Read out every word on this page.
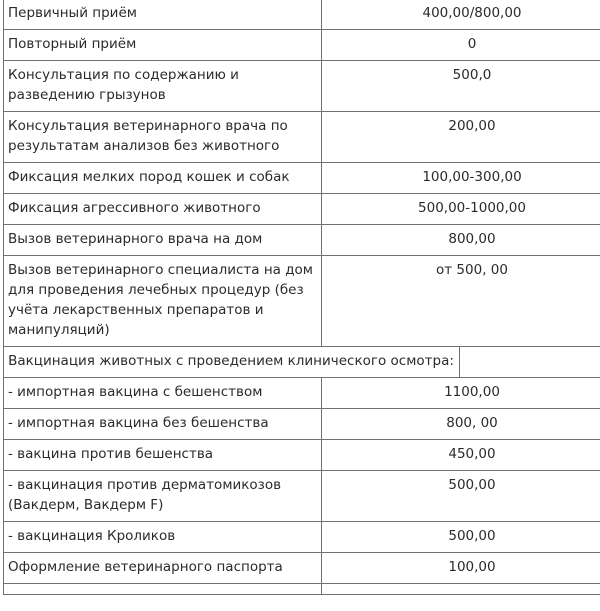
Первичный приём	400,00/800,00	
Повторный приём	0	
Консультация по содержанию и разведению грызунов	500,0	
Консультация ветеринарного врача по результатам анализов без животного	200,00	
Фиксация мелких пород кошек и собак	100,00-300,00	
Фиксация агрессивного животного	500,00-1000,00	
Вызов ветеринарного врача на дом	800,00	
Вызов ветеринарного специалиста на дом для проведения лечебных процедур (без учёта лекарственных препаратов и манипуляций)	от 500, 00	
Вакцинация животных с проведением клинического осмотра:		
- импортная вакцина с бешенством	1100,00	
- импортная вакцина без бешенства	800, 00	
- вакцина против бешенства	450,00	
- вакцинация против дерматомикозов (Вакдерм, Вакдерм F)	500,00	
- вакцинация Кроликов	500,00	
Оформление ветеринарного паспорта	100,00	
